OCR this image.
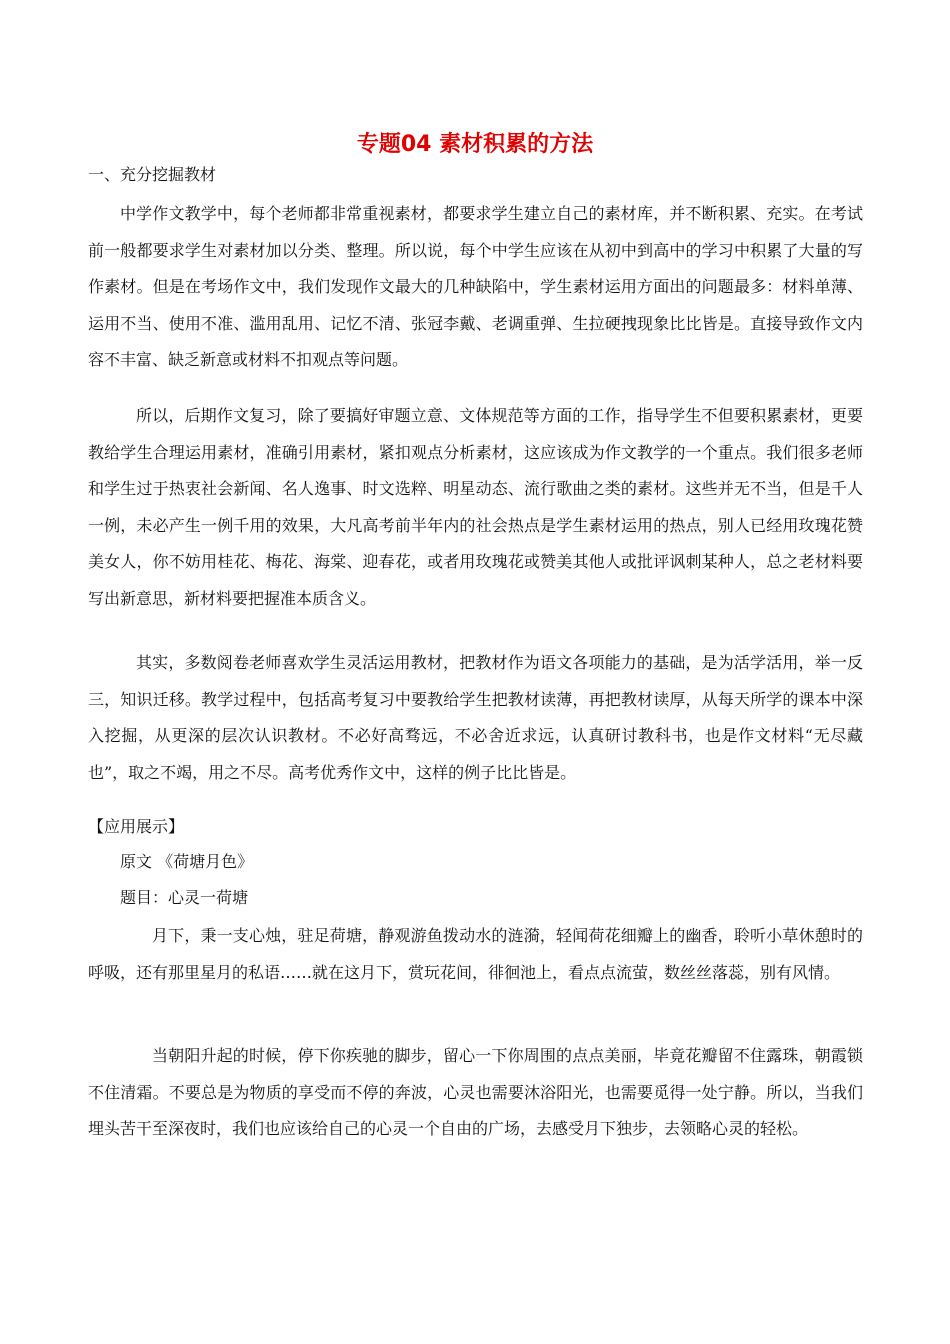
专题04 素材积累的方法
一、充分挖掘教材

中学作文教学中，每个老师都非常重视素材，都要求学生建立自己的素材库，并不断积累、充实。在考试前一般都要求学生对素材加以分类、整理。所以说，每个中学生应该在从初中到高中的学习中积累了大量的写作素材。但是在考场作文中，我们发现作文最大的几种缺陷中，学生素材运用方面出的问题最多：材料单薄、运用不当、使用不准、滥用乱用、记忆不清、张冠李戴、老调重弹、生拉硬拽现象比比皆是。直接导致作文内容不丰富、缺乏新意或材料不扣观点等问题。

所以，后期作文复习，除了要搞好审题立意、文体规范等方面的工作，指导学生不但要积累素材，更要教给学生合理运用素材，准确引用素材，紧扣观点分析素材，这应该成为作文教学的一个重点。我们很多老师和学生过于热衷社会新闻、名人逸事、时文选粹、明星动态、流行歌曲之类的素材。这些并无不当，但是千人一例，未必产生一例千用的效果，大凡高考前半年内的社会热点是学生素材运用的热点，别人已经用玫瑰花赞美女人，你不妨用桂花、梅花、海棠、迎春花，或者用玫瑰花或赞美其他人或批评讽刺某种人，总之老材料要写出新意思，新材料要把握准本质含义。

其实，多数阅卷老师喜欢学生灵活运用教材，把教材作为语文各项能力的基础，是为活学活用，举一反三，知识迁移。教学过程中，包括高考复习中要教给学生把教材读薄，再把教材读厚，从每天所学的课本中深入挖掘，从更深的层次认识教材。不必好高骛远，不必舍近求远，认真研讨教科书，也是作文材料“无尽藏也”，取之不竭，用之不尽。高考优秀作文中，这样的例子比比皆是。

【应用展示】
原文 《荷塘月色》
题目：心灵一荷塘

月下，秉一支心烛，驻足荷塘，静观游鱼拨动水的涟漪，轻闻荷花细瓣上的幽香，聆听小草休憩时的呼吸，还有那里星月的私语……就在这月下，赏玩花间，徘徊池上，看点点流萤，数丝丝落蕊，别有风情。

当朝阳升起的时候，停下你疾驰的脚步，留心一下你周围的点点美丽，毕竟花瓣留不住露珠，朝霞锁不住清霜。不要总是为物质的享受而不停的奔波，心灵也需要沐浴阳光，也需要觅得一处宁静。所以，当我们埋头苦干至深夜时，我们也应该给自己的心灵一个自由的广场，去感受月下独步，去领略心灵的轻松。
